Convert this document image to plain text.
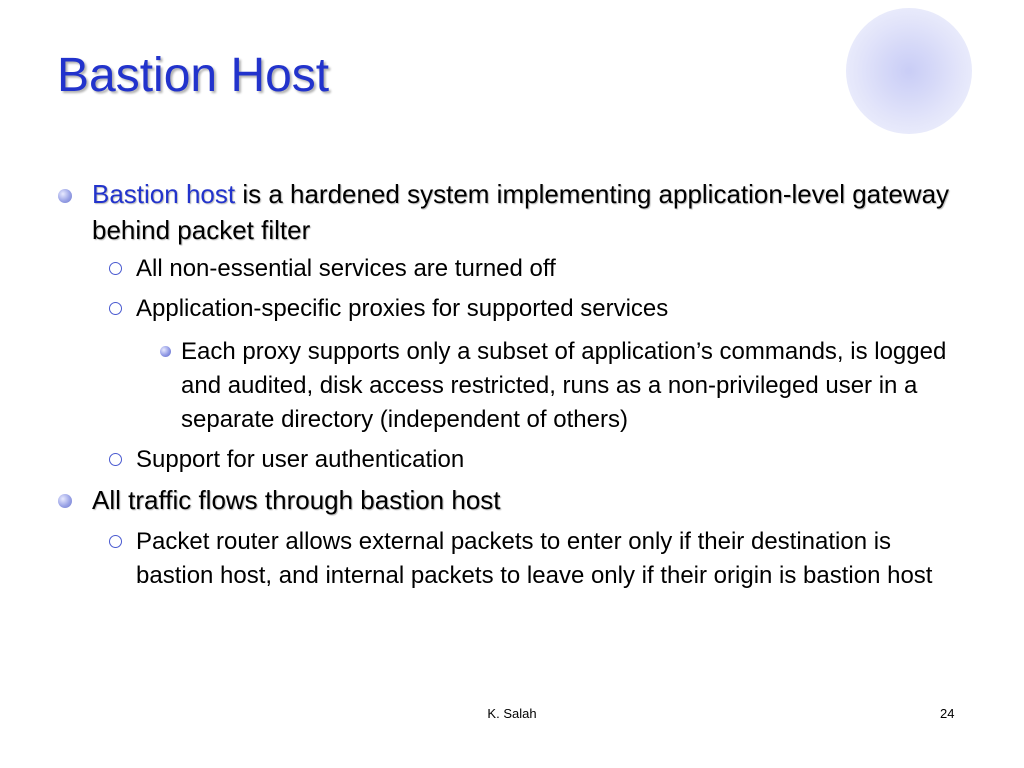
Bastion Host

Bastion host is a hardened system implementing application-level gateway behind packet filter

All non-essential services are turned off

Application-specific proxies for supported services

Each proxy supports only a subset of application’s commands, is logged and audited, disk access restricted, runs as a non-privileged user in a separate directory (independent of others)

Support for user authentication

All traffic flows through bastion host

Packet router allows external packets to enter only if their destination is bastion host, and internal packets to leave only if their origin is bastion host

K. Salah	24
